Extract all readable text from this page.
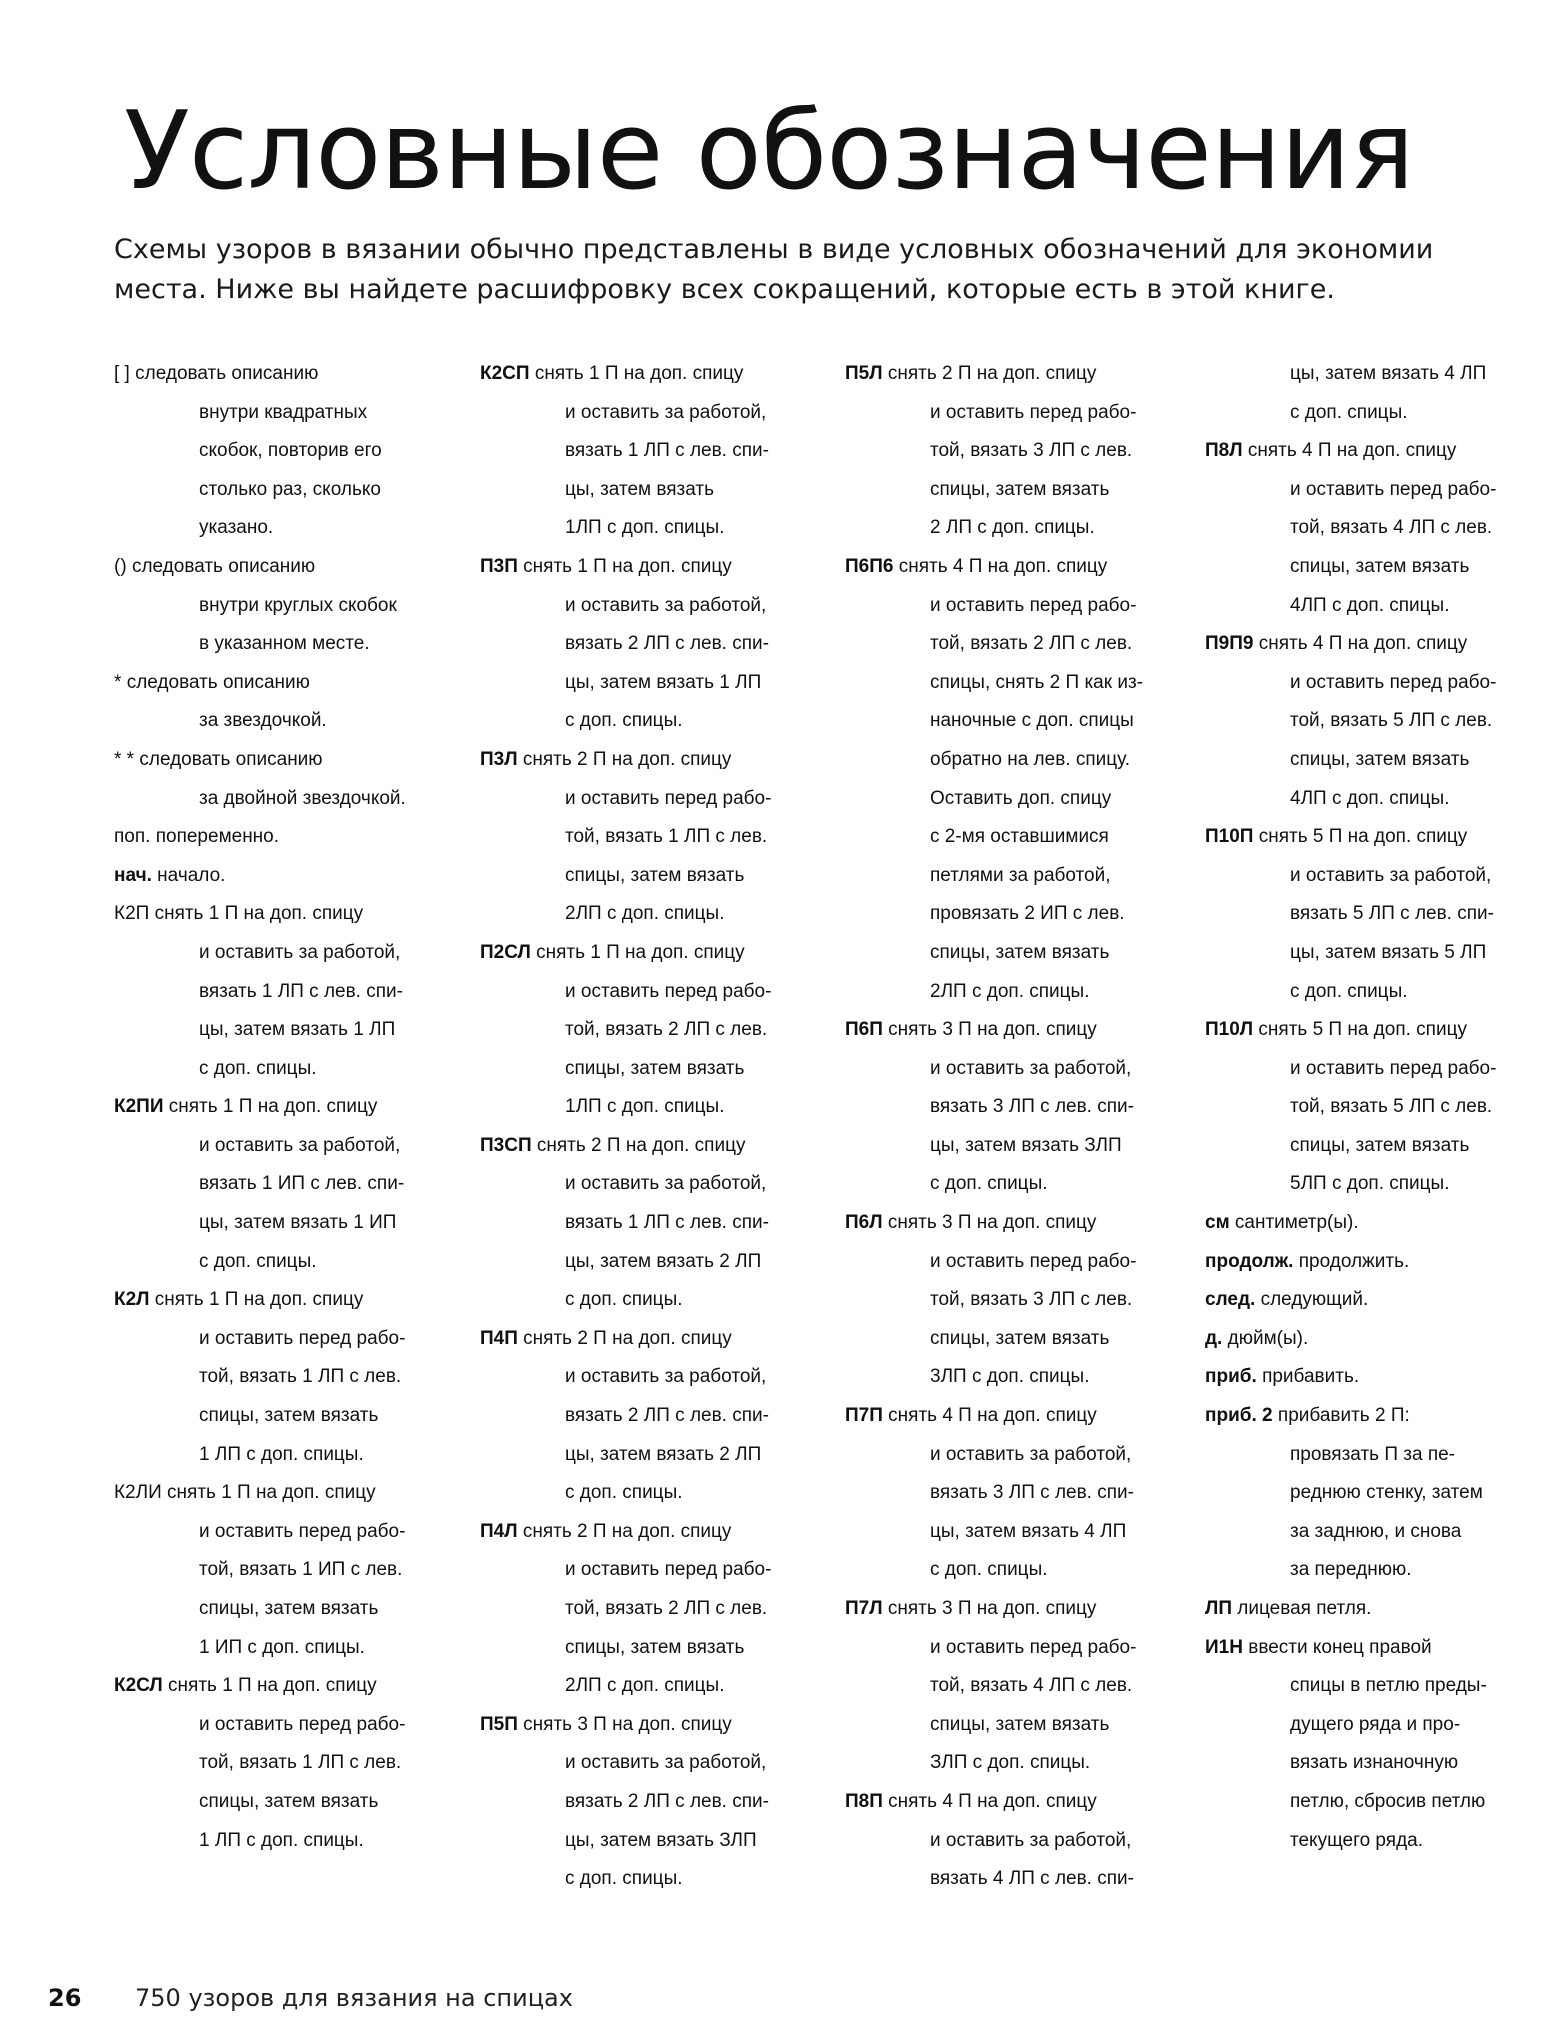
Условные обозначения

Схемы узоров в вязании обычно представлены в виде условных обозначений для экономии места. Ниже вы найдете расшифровку всех сокращений, которые есть в этой книге.

[ ] следовать описанию
внутри квадратных
скобок, повторив его
столько раз, сколько
указано.
() следовать описанию
внутри круглых скобок
в указанном месте.
* следовать описанию
за звездочкой.
* * следовать описанию
за двойной звездочкой.
поп. попеременно.
нач. начало.
К2П снять 1 П на доп. спицу
и оставить за работой,
вязать 1 ЛП с лев. спи-
цы, затем вязать 1 ЛП
с доп. спицы.
К2ПИ снять 1 П на доп. спицу
и оставить за работой,
вязать 1 ИП с лев. спи-
цы, затем вязать 1 ИП
с доп. спицы.
К2Л снять 1 П на доп. спицу
и оставить перед рабо-
той, вязать 1 ЛП с лев.
спицы, затем вязать
1 ЛП с доп. спицы.
К2ЛИ снять 1 П на доп. спицу
и оставить перед рабо-
той, вязать 1 ИП с лев.
спицы, затем вязать
1 ИП с доп. спицы.
К2СЛ снять 1 П на доп. спицу
и оставить перед рабо-
той, вязать 1 ЛП с лев.
спицы, затем вязать
1 ЛП с доп. спицы.
К2СП снять 1 П на доп. спицу
и оставить за работой,
вязать 1 ЛП с лев. спи-
цы, затем вязать
1ЛП с доп. спицы.
П3П снять 1 П на доп. спицу
и оставить за работой,
вязать 2 ЛП с лев. спи-
цы, затем вязать 1 ЛП
с доп. спицы.
П3Л снять 2 П на доп. спицу
и оставить перед рабо-
той, вязать 1 ЛП с лев.
спицы, затем вязать
2ЛП с доп. спицы.
П2СЛ снять 1 П на доп. спицу
и оставить перед рабо-
той, вязать 2 ЛП с лев.
спицы, затем вязать
1ЛП с доп. спицы.
П3СП снять 2 П на доп. спицу
и оставить за работой,
вязать 1 ЛП с лев. спи-
цы, затем вязать 2 ЛП
с доп. спицы.
П4П снять 2 П на доп. спицу
и оставить за работой,
вязать 2 ЛП с лев. спи-
цы, затем вязать 2 ЛП
с доп. спицы.
П4Л снять 2 П на доп. спицу
и оставить перед рабо-
той, вязать 2 ЛП с лев.
спицы, затем вязать
2ЛП с доп. спицы.
П5П снять 3 П на доп. спицу
и оставить за работой,
вязать 2 ЛП с лев. спи-
цы, затем вязать ЗЛП
с доп. спицы.
П5Л снять 2 П на доп. спицу
и оставить перед рабо-
той, вязать 3 ЛП с лев.
спицы, затем вязать
2 ЛП с доп. спицы.
П6П6 снять 4 П на доп. спицу
и оставить перед рабо-
той, вязать 2 ЛП с лев.
спицы, снять 2 П как из-
наночные с доп. спицы
обратно на лев. спицу.
Оставить доп. спицу
с 2-мя оставшимися
петлями за работой,
провязать 2 ИП с лев.
спицы, затем вязать
2ЛП с доп. спицы.
П6П снять 3 П на доп. спицу
и оставить за работой,
вязать 3 ЛП с лев. спи-
цы, затем вязать ЗЛП
с доп. спицы.
П6Л снять 3 П на доп. спицу
и оставить перед рабо-
той, вязать 3 ЛП с лев.
спицы, затем вязать
3ЛП с доп. спицы.
П7П снять 4 П на доп. спицу
и оставить за работой,
вязать 3 ЛП с лев. спи-
цы, затем вязать 4 ЛП
с доп. спицы.
П7Л снять 3 П на доп. спицу
и оставить перед рабо-
той, вязать 4 ЛП с лев.
спицы, затем вязать
ЗЛП с доп. спицы.
П8П снять 4 П на доп. спицу
и оставить за работой,
вязать 4 ЛП с лев. спи-
цы, затем вязать 4 ЛП
с доп. спицы.
П8Л снять 4 П на доп. спицу
и оставить перед рабо-
той, вязать 4 ЛП с лев.
спицы, затем вязать
4ЛП с доп. спицы.
П9П9 снять 4 П на доп. спицу
и оставить перед рабо-
той, вязать 5 ЛП с лев.
спицы, затем вязать
4ЛП с доп. спицы.
П10П снять 5 П на доп. спицу
и оставить за работой,
вязать 5 ЛП с лев. спи-
цы, затем вязать 5 ЛП
с доп. спицы.
П10Л снять 5 П на доп. спицу
и оставить перед рабо-
той, вязать 5 ЛП с лев.
спицы, затем вязать
5ЛП с доп. спицы.
см сантиметр(ы).
продолж. продолжить.
след. следующий.
д. дюйм(ы).
приб. прибавить.
приб. 2 прибавить 2 П:
провязать П за пе-
реднюю стенку, затем
за заднюю, и снова
за переднюю.
ЛП лицевая петля.
И1Н ввести конец правой
спицы в петлю преды-
дущего ряда и про-
вязать изнаночную
петлю, сбросив петлю
текущего ряда.
26 750 узоров для вязания на спицах
